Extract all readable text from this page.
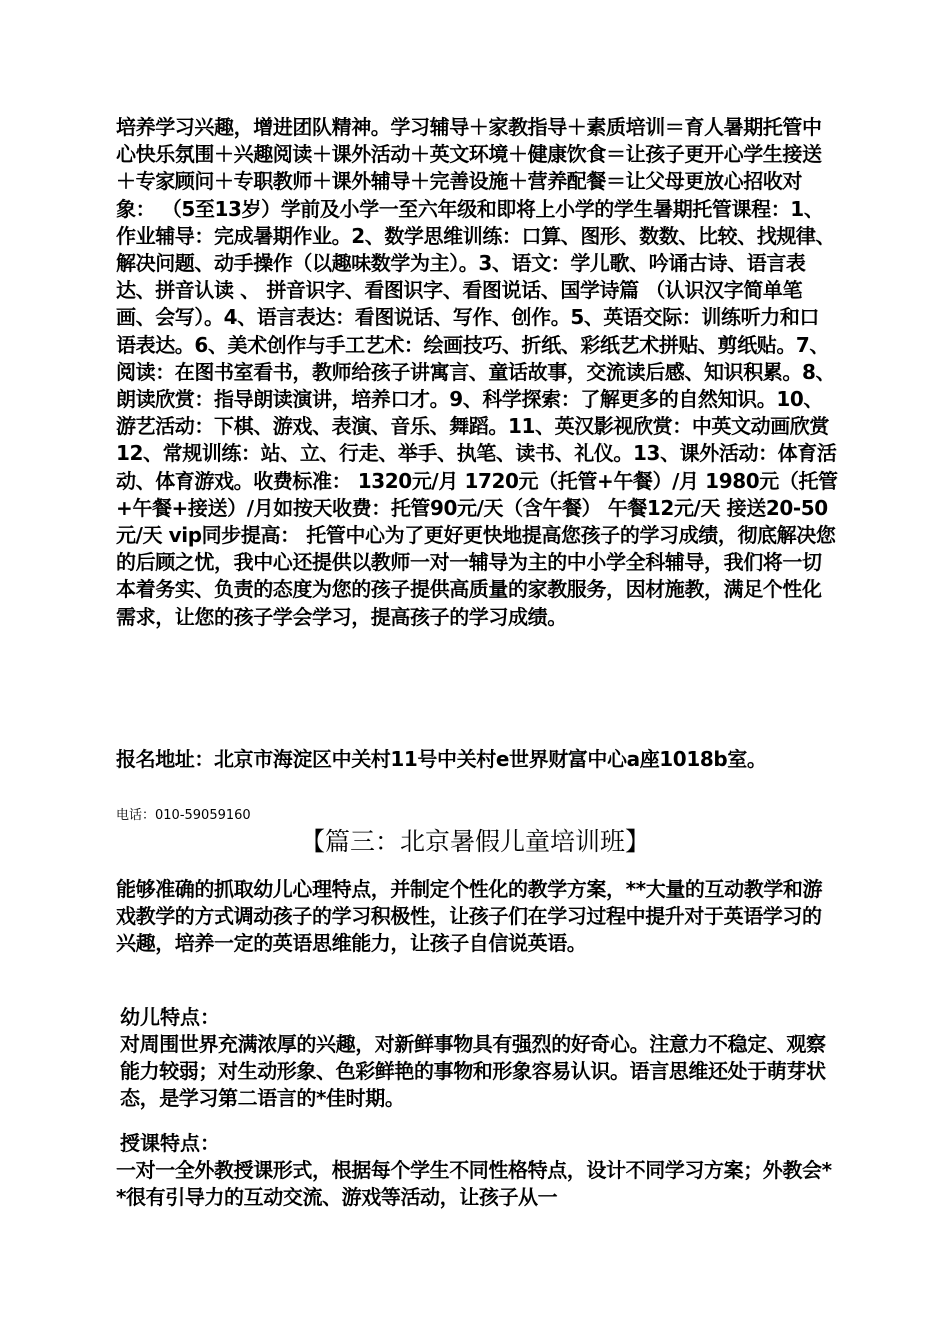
培养学习兴趣，增进团队精神。学习辅导＋家教指导＋素质培训＝育人暑期托管中心快乐氛围＋兴趣阅读＋课外活动＋英文环境＋健康饮食＝让孩子更开心学生接送＋专家顾问＋专职教师＋课外辅导＋完善设施＋营养配餐＝让父母更放心招收对象： （5至13岁）学前及小学一至六年级和即将上小学的学生暑期托管课程：1、作业辅导：完成暑期作业。2、数学思维训练：口算、图形、数数、比较、找规律、解决问题、动手操作（以趣味数学为主）。3、语文：学儿歌、吟诵古诗、语言表达、拼音认读 、 拼音识字、看图识字、看图说话、国学诗篇 （认识汉字简单笔画、会写）。4、语言表达：看图说话、写作、创作。5、英语交际：训练听力和口语表达。6、美术创作与手工艺术：绘画技巧、折纸、彩纸艺术拼贴、剪纸贴。7、阅读：在图书室看书，教师给孩子讲寓言、童话故事，交流读后感、知识积累。8、朗读欣赏：指导朗读演讲，培养口才。9、科学探索：了解更多的自然知识。10、游艺活动：下棋、游戏、表演、音乐、舞蹈。11、英汉影视欣赏：中英文动画欣赏 12、常规训练：站、立、行走、举手、执笔、读书、礼仪。13、课外活动：体育活动、体育游戏。收费标准： 1320元/月 1720元（托管+午餐）/月 1980元（托管+午餐+接送）/月如按天收费：托管90元/天（含午餐） 午餐12元/天 接送20-50元/天 vip同步提高： 托管中心为了更好更快地提高您孩子的学习成绩，彻底解决您的后顾之忧，我中心还提供以教师一对一辅导为主的中小学全科辅导，我们将一切本着务实、负责的态度为您的孩子提供高质量的家教服务，因材施教，满足个性化需求，让您的孩子学会学习，提高孩子的学习成绩。

报名地址：北京市海淀区中关村11号中关村e世界财富中心a座1018b室。

电话：010-59059160

【篇三：北京暑假儿童培训班】

能够准确的抓取幼儿心理特点，并制定个性化的教学方案，**大量的互动教学和游戏教学的方式调动孩子的学习积极性，让孩子们在学习过程中提升对于英语学习的兴趣，培养一定的英语思维能力，让孩子自信说英语。

幼儿特点：

对周围世界充满浓厚的兴趣，对新鲜事物具有强烈的好奇心。注意力不稳定、观察能力较弱；对生动形象、色彩鲜艳的事物和形象容易认识。语言思维还处于萌芽状态，是学习第二语言的*佳时期。

授课特点：

一对一全外教授课形式，根据每个学生不同性格特点，设计不同学习方案；外教会**很有引导力的互动交流、游戏等活动，让孩子从一
